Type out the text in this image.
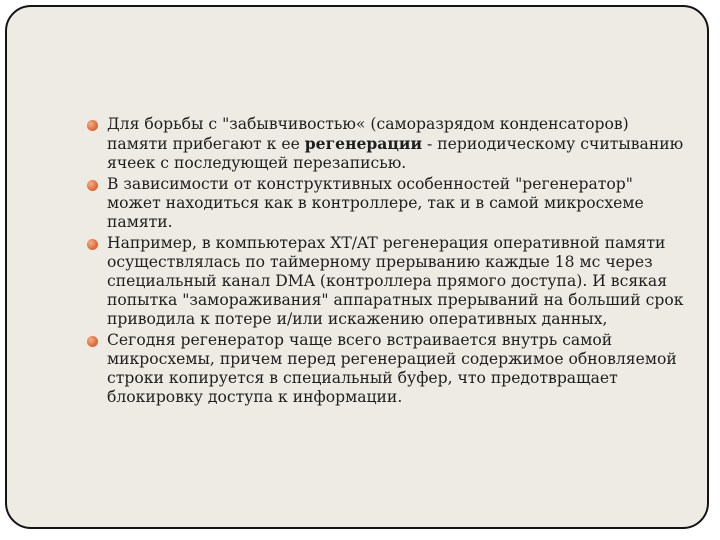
Для борьбы с "забывчивостью« (саморазрядом конденсаторов) памяти прибегают к ее регенерации - периодическому считыванию ячеек с последующей перезаписью.
В зависимости от конструктивных особенностей "регенератор" может находиться как в контроллере, так и в самой микросхеме памяти.
Например, в компьютерах XT/AT регенерация оперативной памяти осуществлялась по таймерному прерыванию каждые 18 мс через специальный канал DMA (контроллера прямого доступа). И всякая попытка "замораживания" аппаратных прерываний на больший срок приводила к потере и/или искажению оперативных данных,
Сегодня регенератор чаще всего встраивается внутрь самой микросхемы, причем перед регенерацией содержимое обновляемой строки копируется в специальный буфер, что предотвращает блокировку доступа к информации.
